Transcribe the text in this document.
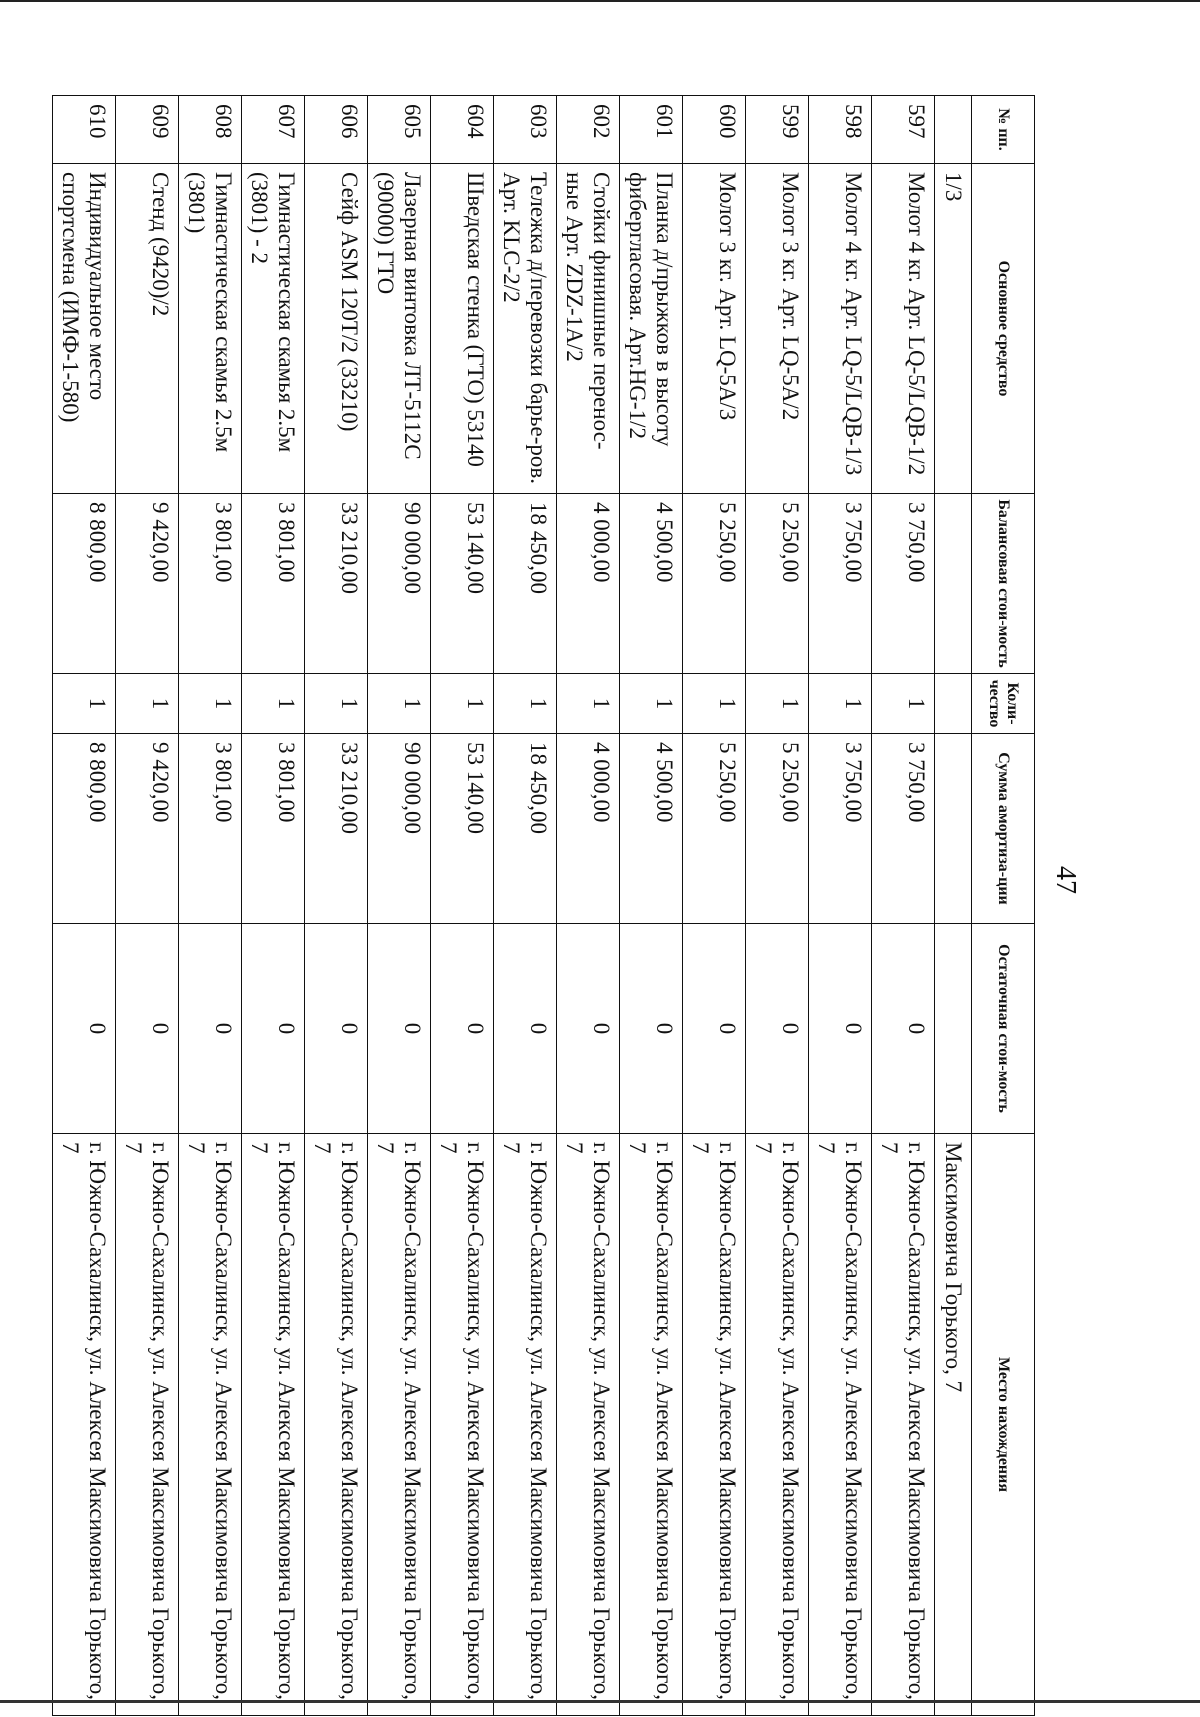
47
№ пп.	Основное средство	Балансовая стои-мость	Коли-чество	Сумма амортиза-ции	Остаточная стои-мость	Место нахождения
	1/3					Максимовича Горького, 7
597	Молот 4 кг. Арт. LQ-5/LQB-1/2	3 750,00	1	3 750,00	0	г. Южно-Сахалинск, ул. Алексея Максимовича Горького, 7
598	Молот 4 кг. Арт. LQ-5/LQB-1/3	3 750,00	1	3 750,00	0	г. Южно-Сахалинск, ул. Алексея Максимовича Горького, 7
599	Молот 3 кг. Арт. LQ-5A/2	5 250,00	1	5 250,00	0	г. Южно-Сахалинск, ул. Алексея Максимовича Горького, 7
600	Молот 3 кг. Арт. LQ-5A/3	5 250,00	1	5 250,00	0	г. Южно-Сахалинск, ул. Алексея Максимовича Горького, 7
601	Планка д/прыжков в высоту фибергласовая. Арт.HG-1/2	4 500,00	1	4 500,00	0	г. Южно-Сахалинск, ул. Алексея Максимовича Горького, 7
602	Стойки финишные перенос-ные Арт. ZDZ-1A/2	4 000,00	1	4 000,00	0	г. Южно-Сахалинск, ул. Алексея Максимовича Горького, 7
603	Тележка д/перевозки барье-ров. Арт. KLC-2/2	18 450,00	1	18 450,00	0	г. Южно-Сахалинск, ул. Алексея Максимовича Горького, 7
604	Шведская стенка (ГТО) 53140	53 140,00	1	53 140,00	0	г. Южно-Сахалинск, ул. Алексея Максимовича Горького, 7
605	Лазерная винтовка ЛТ-5112С (90000) ГТО	90 000,00	1	90 000,00	0	г. Южно-Сахалинск, ул. Алексея Максимовича Горького, 7
606	Сейф ASM 120Т/2 (33210)	33 210,00	1	33 210,00	0	г. Южно-Сахалинск, ул. Алексея Максимовича Горького, 7
607	Гимнастическая скамья 2.5м (3801) - 2	3 801,00	1	3 801,00	0	г. Южно-Сахалинск, ул. Алексея Максимовича Горького, 7
608	Гимнастическая скамья 2.5м (3801)	3 801,00	1	3 801,00	0	г. Южно-Сахалинск, ул. Алексея Максимовича Горького, 7
609	Стенд (9420)/2	9 420,00	1	9 420,00	0	г. Южно-Сахалинск, ул. Алексея Максимовича Горького, 7
610	Индивидуальное место спортсмена (ИМФ-1-580)	8 800,00	1	8 800,00	0	г. Южно-Сахалинск, ул. Алексея Максимовича Горького, 7
